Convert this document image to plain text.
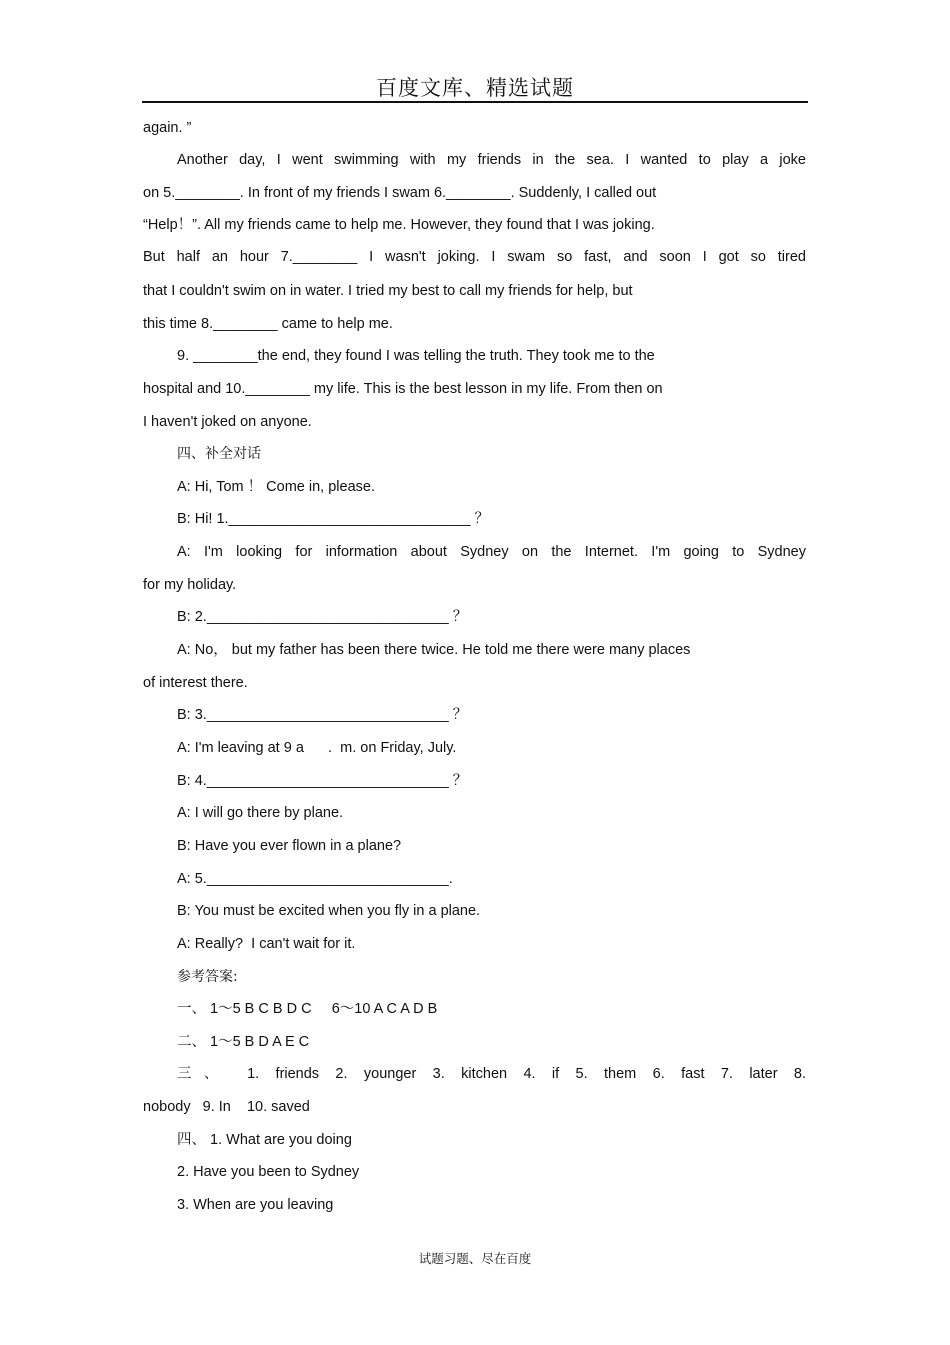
百度文库、精选试题
again. ”
Another day, I went swimming with my friends in the sea. I wanted to play a joke
on 5.________. In front of my friends I swam 6.________. Suddenly, I called out
“Help！”. All my friends came to help me. However, they found that I was joking.
But half an hour 7.________ I wasn't joking. I swam so fast, and soon I got so tired
that I couldn't swim on in water. I tried my best to call my friends for help, but
this time 8.________ came to help me.
9. ________the end, they found I was telling the truth. They took me to the
hospital and 10.________ my life. This is the best lesson in my life. From then on
I haven't joked on anyone.
四、补全对话
A: Hi, Tom ！ Come in, please.
B: Hi! 1.______________________________ ？
A: I'm looking for information about Sydney on the Internet. I'm going to Sydney
for my holiday.
B: 2.______________________________ ？
A: No， but my father has been there twice. He told me there were many places
of interest there.
B: 3.______________________________ ？
A: I'm leaving at 9 a      .  m. on Friday, July.
B: 4.______________________________ ？
A: I will go there by plane.
B: Have you ever flown in a plane?
A: 5.______________________________.
B: You must be excited when you fly in a plane.
A: Really?  I can't wait for it.
参考答案:
一、 1～5 B C B D C     6～10 A C A D B
二、 1～5 B D A E C
三、 1. friends 2. younger 3. kitchen 4. if 5. them 6. fast 7. later 8.
nobody   9. In    10. saved
四、 1. What are you doing
2. Have you been to Sydney
3. When are you leaving
试题习题、尽在百度
